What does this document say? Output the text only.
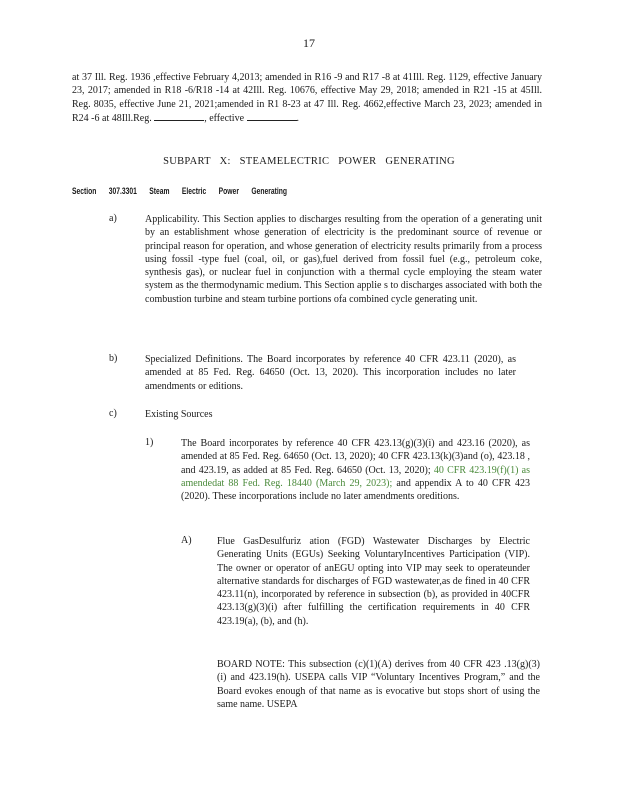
17
at 37 Ill. Reg. 1936 ,effective February 4,2013; amended in R16 -9 and R17 -8 at 41Ill. Reg. 1129, effective January 23, 2017; amended in R18 -6/R18 -14 at 42Ill. Reg. 10676, effective May 29, 2018; amended in R21 -15 at 45Ill. Reg. 8035, effective June 21, 2021;amended in R1 8-23 at 47 Ill. Reg. 4662,effective March 23, 2023; amended in R24 -6 at 48Ill.Reg.	, effective	.
SUBPART X: STEAMELECTRIC POWER GENERATING
Section 307.3301 Steam Electric Power Generating
a)	Applicability. This Section applies to discharges resulting from the operation of a generating unit by an establishment whose generation of electricity is the predominant source of revenue or principal reason for operation, and whose generation of electricity results primarily from a process using fossil -type fuel (coal, oil, or gas),fuel derived from fossil fuel (e.g., petroleum coke, synthesis gas), or nuclear fuel in conjunction with a thermal cycle employing the steam water system as the thermodynamic medium. This Section applie s to discharges associated with both the combustion turbine and steam turbine portions ofa combined cycle generating unit.
b)	Specialized Definitions. The Board incorporates by reference 40 CFR 423.11 (2020), as amended at 85 Fed. Reg. 64650 (Oct. 13, 2020). This incorporation includes no later amendments or editions.
c)	Existing Sources
1)	The Board incorporates by reference 40 CFR 423.13(g)(3)(i) and 423.16 (2020), as amended at 85 Fed. Reg. 64650 (Oct. 13, 2020); 40 CFR 423.13(k)(3)and (o), 423.18 , and 423.19, as added at 85 Fed. Reg. 64650 (Oct. 13, 2020); 40 CFR 423.19(f)(1) as amendedat 88 Fed. Reg. 18440 (March 29, 2023); and appendix A to 40 CFR 423 (2020). These incorporations include no later amendments oreditions.
A)	Flue GasDesulfuriz ation (FGD) Wastewater Discharges by Electric Generating Units (EGUs) Seeking VoluntaryIncentives Participation (VIP). The owner or operator of anEGU opting into VIP may seek to operateunder alternative standards for discharges of FGD wastewater,as de fined in 40 CFR 423.11(n), incorporated by reference in subsection (b), as provided in 40CFR 423.13(g)(3)(i) after fulfilling the certification requirements in 40 CFR 423.19(a), (b), and (h).
BOARD NOTE: This subsection (c)(1)(A) derives from 40 CFR 423 .13(g)(3)(i) and 423.19(h). USEPA calls VIP “Voluntary Incentives Program,” and the Board evokes enough of that name as is evocative but stops short of using the same name. USEPA
